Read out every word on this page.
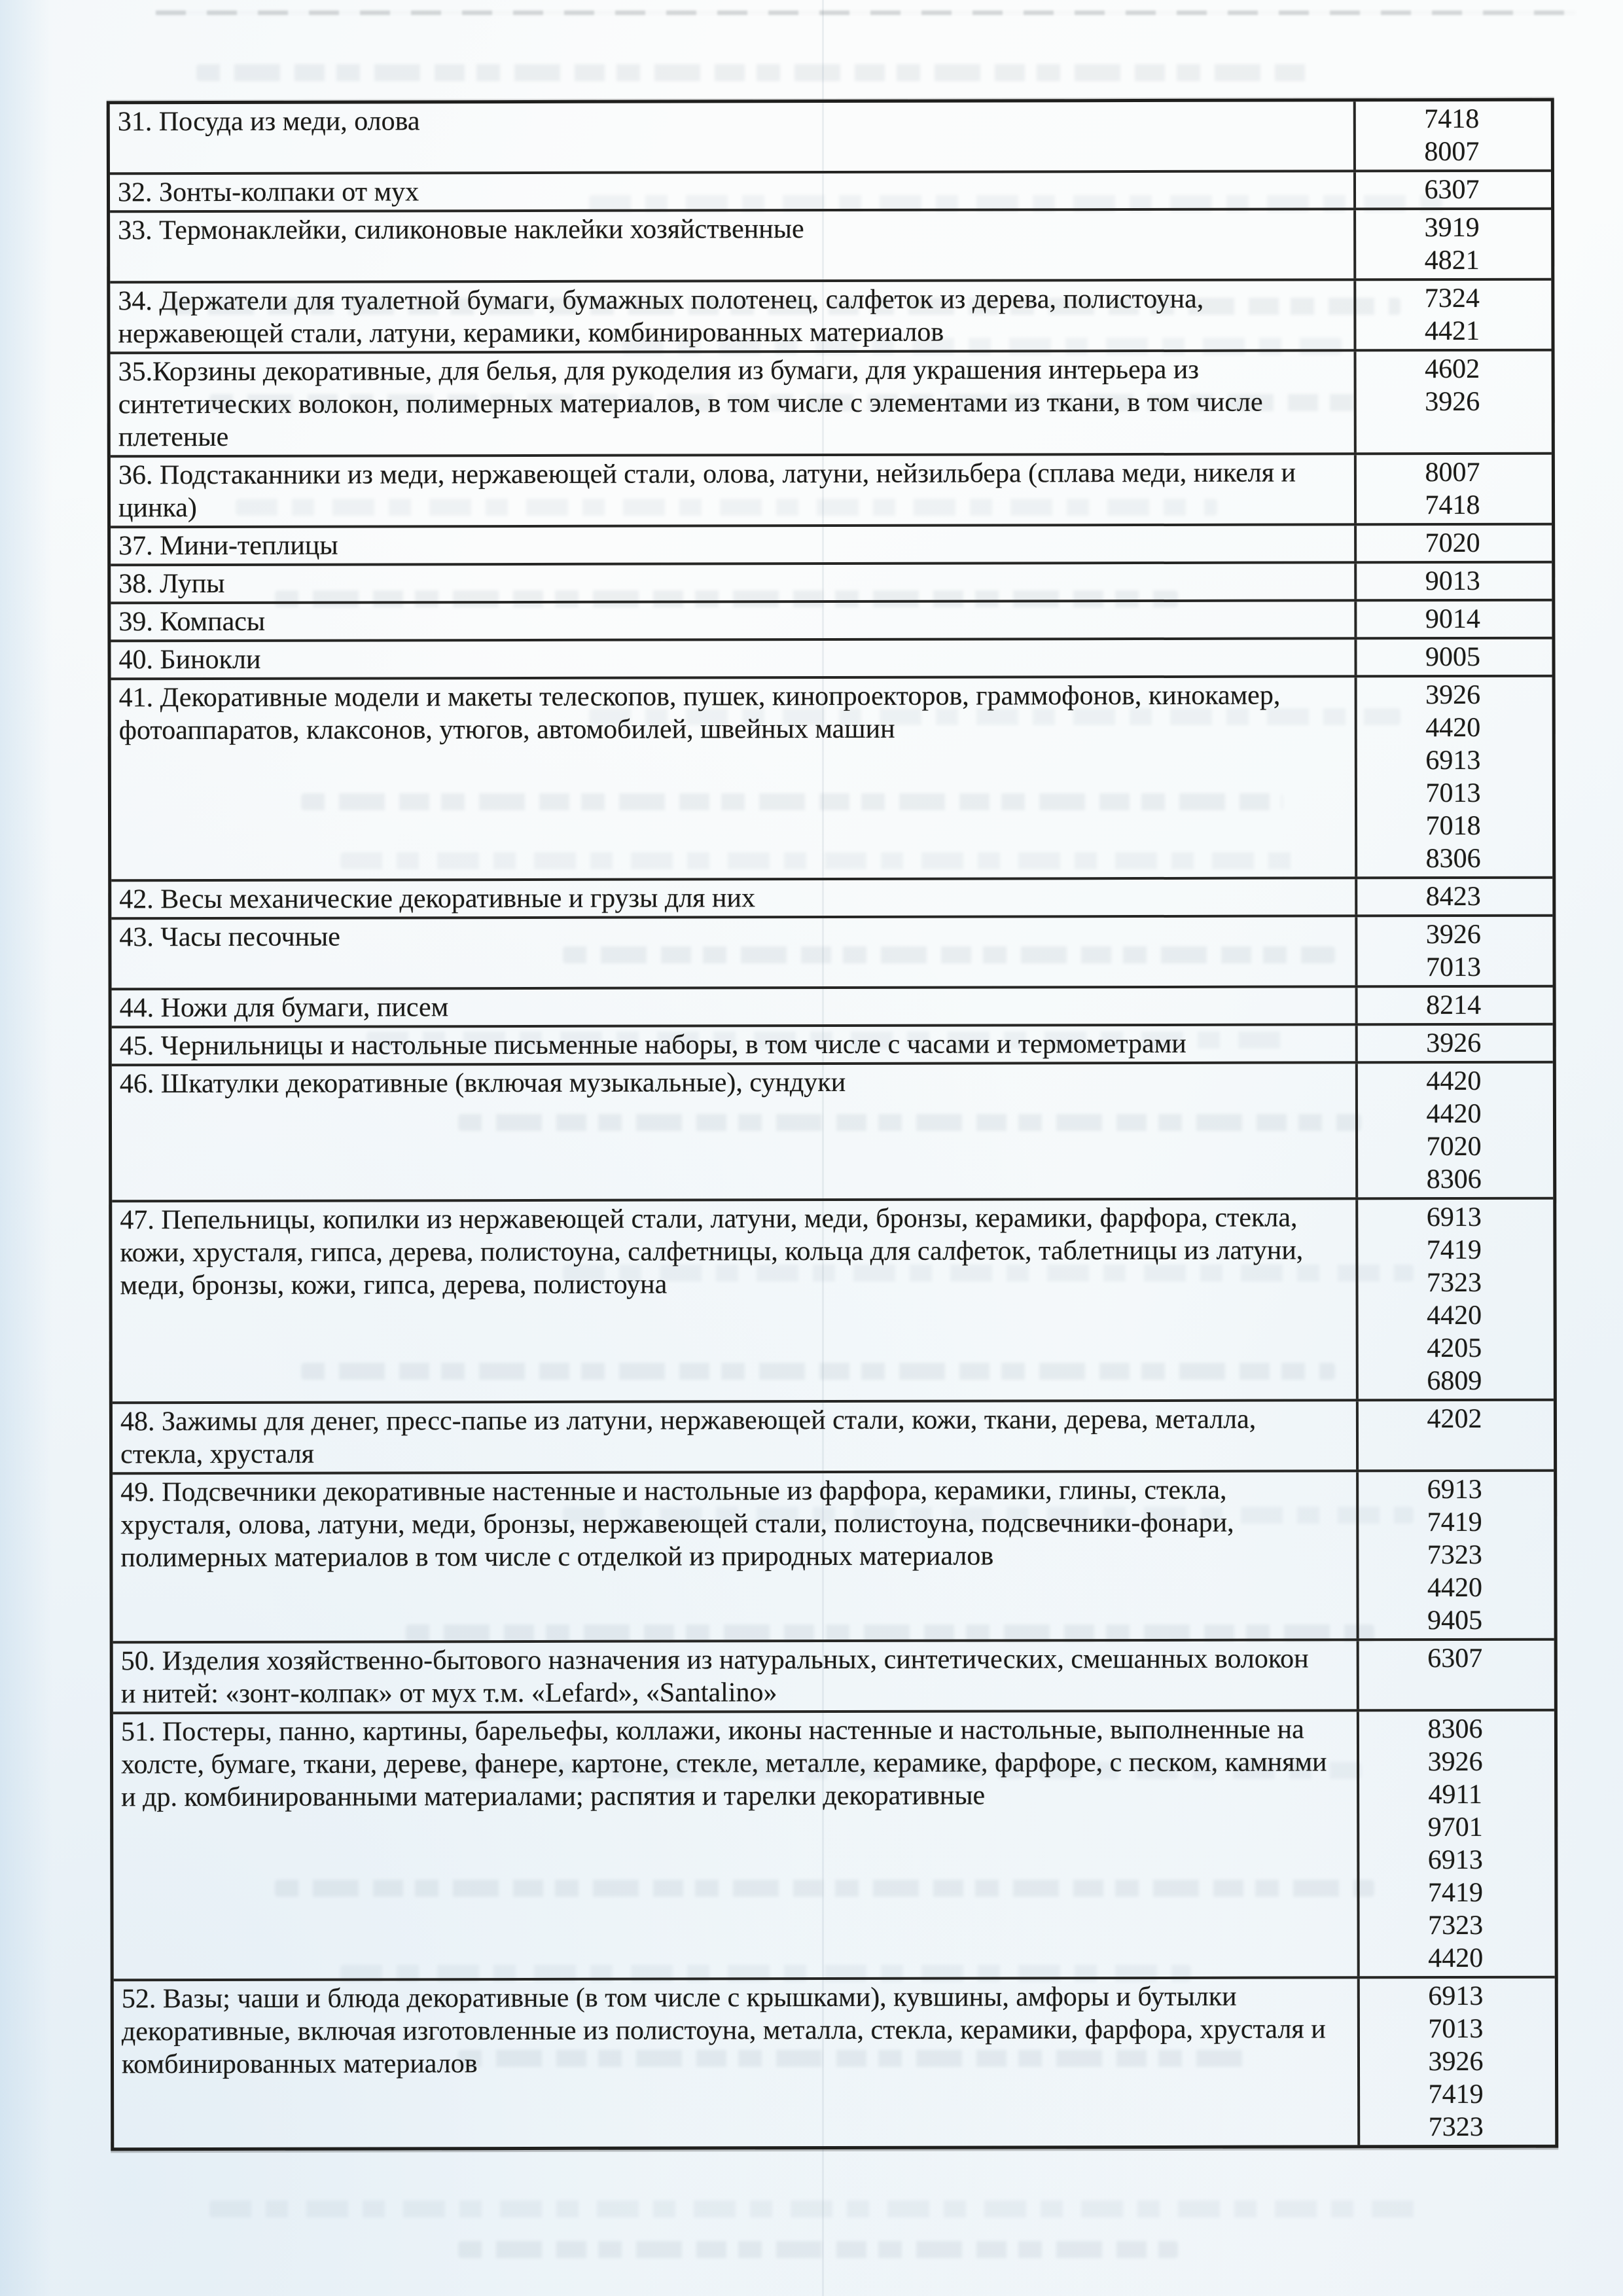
31. Посуда из меди, олова	7418
8007
32. Зонты-колпаки от мух	6307
33. Термонаклейки, силиконовые наклейки хозяйственные	3919
4821
34. Держатели для туалетной бумаги, бумажных полотенец, салфеток из дерева, полистоуна, нержавеющей стали, латуни, керамики, комбинированных материалов
7324
4421
35.Корзины декоративные, для белья, для рукоделия из бумаги, для украшения интерьера из синтетических волокон, полимерных материалов, в том числе с элементами из ткани, в том числе плетеные
4602
3926
36. Подстаканники из меди, нержавеющей стали, олова, латуни, нейзильбера (сплава меди, никеля и цинка)
8007
7418
37. Мини-теплицы	7020
38. Лупы	9013
39. Компасы	9014
40. Бинокли	9005
41. Декоративные модели и макеты телескопов, пушек, кинопроекторов, граммофонов, кинокамер, фотоаппаратов, клаксонов, утюгов, автомобилей, швейных машин
3926
4420
6913
7013
7018
8306
42. Весы механические декоративные и грузы для них	8423
43. Часы песочные	3926
7013
44. Ножи для бумаги, писем	8214
45. Чернильницы и настольные письменные наборы, в том числе с часами и термометрами	3926
46. Шкатулки декоративные (включая музыкальные), сундуки	4420
4420
7020
8306
47. Пепельницы, копилки из нержавеющей стали, латуни, меди, бронзы, керамики, фарфора, стекла, кожи, хрусталя, гипса, дерева, полистоуна, салфетницы, кольца для салфеток, таблетницы из латуни, меди, бронзы, кожи, гипса, дерева, полистоуна
6913
7419
7323
4420
4205
6809
48. Зажимы для денег, пресс-папье из латуни, нержавеющей стали, кожи, ткани, дерева, металла, стекла, хрусталя
4202
49. Подсвечники декоративные настенные и настольные из фарфора, керамики, глины, стекла, хрусталя, олова, латуни, меди, бронзы, нержавеющей стали, полистоуна, подсвечники-фонари, полимерных материалов в том числе с отделкой из природных материалов
6913
7419
7323
4420
9405
50. Изделия хозяйственно-бытового назначения из натуральных, синтетических, смешанных волокон и нитей: «зонт-колпак» от мух т.м. «Lefard», «Santalino»
6307
51. Постеры, панно, картины, барельефы, коллажи, иконы настенные и настольные, выполненные на холсте, бумаге, ткани, дереве, фанере, картоне, стекле, металле, керамике, фарфоре, с песком, камнями и др. комбинированными материалами; распятия и тарелки декоративные
8306
3926
4911
9701
6913
7419
7323
4420
52. Вазы; чаши и блюда декоративные (в том числе с крышками), кувшины, амфоры и бутылки декоративные, включая изготовленные из полистоуна, металла, стекла, керамики, фарфора, хрусталя и комбинированных материалов
6913
7013
3926
7419
7323
